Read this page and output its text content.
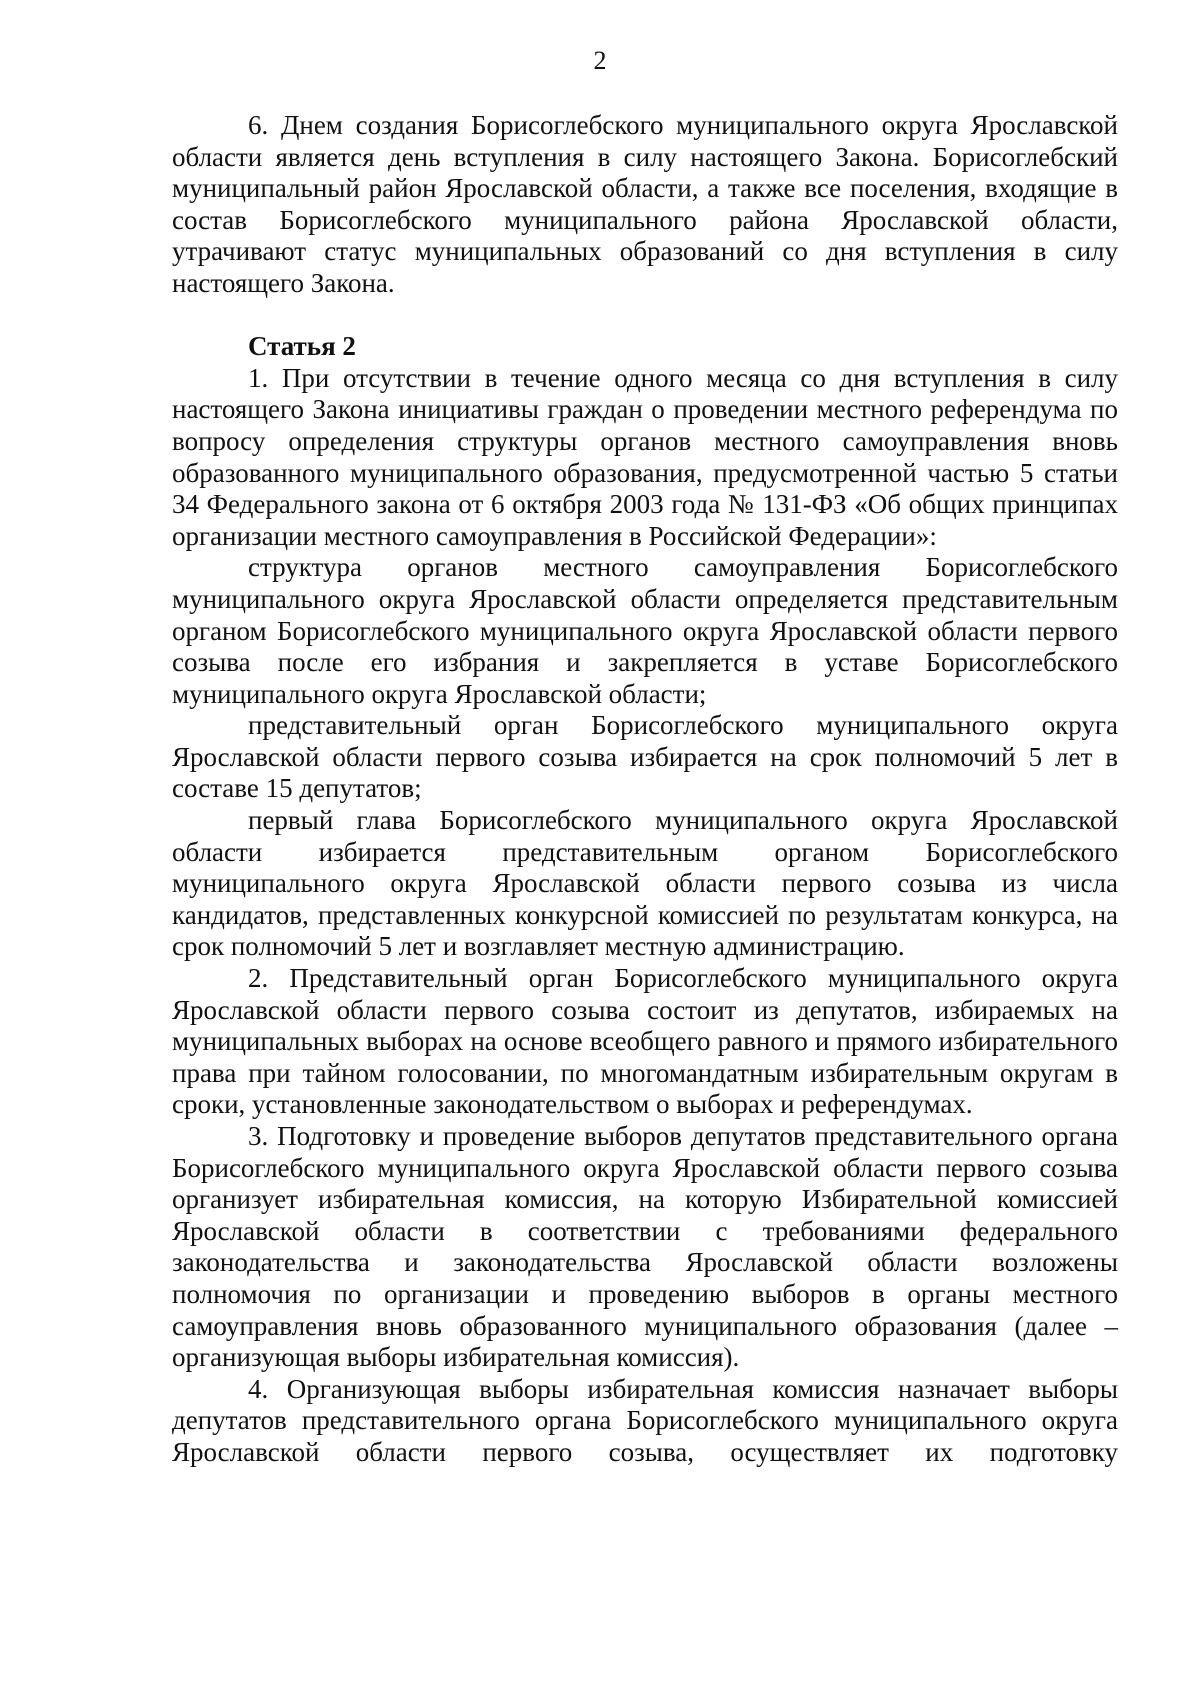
2

6. Днем создания Борисоглебского муниципального округа Ярославской области является день вступления в силу настоящего Закона. Борисоглебский муниципальный район Ярославской области, а также все поселения, входящие в состав Борисоглебского муниципального района Ярославской области, утрачивают статус муниципальных образований со дня вступления в силу настоящего Закона.

Статья 2

1. При отсутствии в течение одного месяца со дня вступления в силу настоящего Закона инициативы граждан о проведении местного референдума по вопросу определения структуры органов местного самоуправления вновь образованного муниципального образования, предусмотренной частью 5 статьи 34 Федерального закона от 6 октября 2003 года № 131-ФЗ «Об общих принципах организации местного самоуправления в Российской Федерации»:

структура органов местного самоуправления Борисоглебского муниципального округа Ярославской области определяется представительным органом Борисоглебского муниципального округа Ярославской области первого созыва после его избрания и закрепляется в уставе Борисоглебского муниципального округа Ярославской области;

представительный орган Борисоглебского муниципального округа Ярославской области первого созыва избирается на срок полномочий 5 лет в составе 15 депутатов;

первый глава Борисоглебского муниципального округа Ярославской области избирается представительным органом Борисоглебского муниципального округа Ярославской области первого созыва из числа кандидатов, представленных конкурсной комиссией по результатам конкурса, на срок полномочий 5 лет и возглавляет местную администрацию.

2. Представительный орган Борисоглебского муниципального округа Ярославской области первого созыва состоит из депутатов, избираемых на муниципальных выборах на основе всеобщего равного и прямого избирательного права при тайном голосовании, по многомандатным избирательным округам в сроки, установленные законодательством о выборах и референдумах.

3. Подготовку и проведение выборов депутатов представительного органа Борисоглебского муниципального округа Ярославской области первого созыва организует избирательная комиссия, на которую Избирательной комиссией Ярославской области в соответствии с требованиями федерального законодательства и законодательства Ярославской области возложены полномочия по организации и проведению выборов в органы местного самоуправления вновь образованного муниципального образования (далее – организующая выборы избирательная комиссия).

4. Организующая выборы избирательная комиссия назначает выборы депутатов представительного органа Борисоглебского муниципального округа Ярославской области первого созыва, осуществляет их подготовку
